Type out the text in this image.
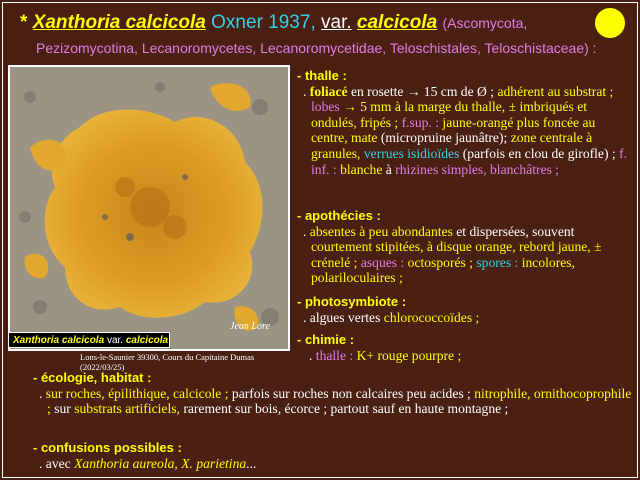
* Xanthoria calcicola Oxner 1937, var. calcicola (Ascomycota,
Pezizomycotina, Lecanoromycetes, Lecanoromycetidae, Teloschistales, Teloschistaceae) :
Jean Lore
Xanthoria calcicola var. calcicola
Lons-le-Saunier 39300, Cours du Capitaine Dumas (2022/03/25)
- thalle :
. foliacé en rosette → 15 cm de Ø ; adhérent au substrat ; lobes → 5 mm à la marge du thalle, ± imbriqués et ondulés, fripés ; f.sup. : jaune-orangé plus foncée au centre, mate (micropruine jaunâtre); zone centrale à granules, verrues isidioïdes (parfois en clou de girofle) ; f. inf. : blanche à rhizines simples, blanchâtres ;
- apothécies :
. absentes à peu abondantes et dispersées, souvent courtement stipitées, à disque orange, rebord jaune, ± crénelé ; asques : octosporés ; spores : incolores, polariloculaires ;
- photosymbiote :
. algues vertes chlorococcoïdes ;
- chimie :
. thalle : K+ rouge pourpre ;
- écologie, habitat :
. sur roches, épilithique, calcicole ; parfois sur roches non calcaires peu acides ; nitrophile, ornithocoprophile ; sur substrats artificiels, rarement sur bois, écorce ; partout sauf en haute montagne ;
- confusions possibles :
. avec Xanthoria aureola, X. parietina...
